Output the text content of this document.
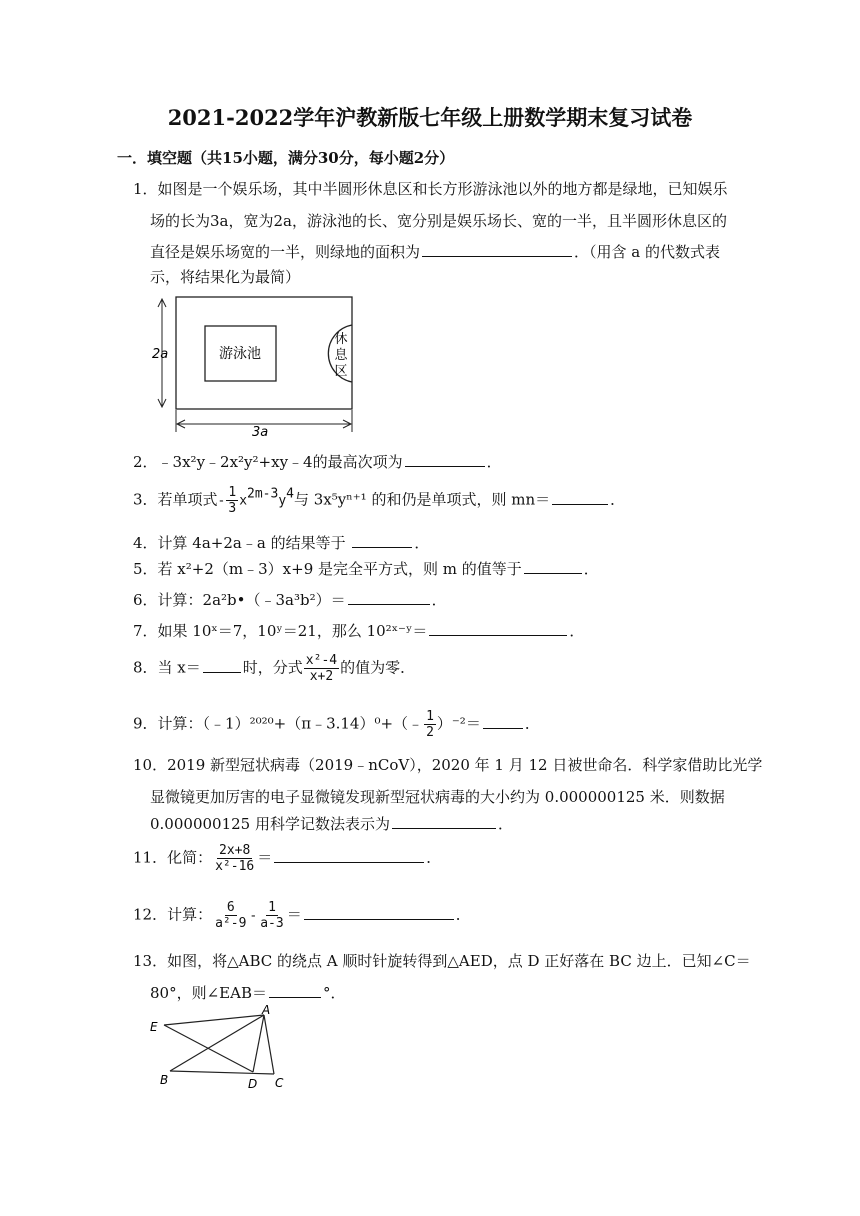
2021-2022学年沪教新版七年级上册数学期末复习试卷
一．填空题（共15小题，满分30分，每小题2分）
1．如图是一个娱乐场，其中半圆形休息区和长方形游泳池以外的地方都是绿地，已知娱乐
场的长为3a，宽为2a，游泳池的长、宽分别是娱乐场长、宽的一半，且半圆形休息区的
直径是娱乐场宽的一半，则绿地的面积为	．（用含 a 的代数式表
示，将结果化为最简）
游泳池
休
息
区
2a
3a
2．﹣3x²y﹣2x²y²+xy﹣4的最高次项为	．
3．若单项式- $\frac{1}{3} x^{2m-3}y^4$与 3x⁵yⁿ⁺¹ 的和仍是单项式，则 mn＝	．
4．计算 4a+2a﹣a 的结果等于	．
5．若 x²+2（m﹣3）x+9 是完全平方式，则 m 的值等于	．
6．计算：2a²b•（﹣3a³b²）＝	．
7．如果 10ˣ＝7，10ʸ＝21，那么 10²ˣ⁻ʸ＝	．
8．当 x＝	时，分式 $\frac{\text{x²-4}}{x+2}$ 的值为零．
9．计算：（﹣1）²⁰²⁰+（π﹣3.14）⁰+（﹣ $\frac{1}{2} )^{-2}=$	．
10．2019 新型冠状病毒（2019﹣nCoV），2020 年 1 月 12 日被世命名．科学家借助比光学
显微镜更加厉害的电子显微镜发现新型冠状病毒的大小约为 0.000000125 米．则数据
0.000000125 用科学记数法表示为	．
11．化简： $\frac{2x+8}{\text{x²-16}}$ ＝	．
12．计算： $\frac{6}{\text{a²-9}} - \frac{1}{a-3}$ ＝	．
13．如图，将△ABC 的绕点 A 顺时针旋转得到△AED，点 D 正好落在 BC 边上．已知∠C＝
80°，则∠EAB＝	°．
A
E
B	D C
